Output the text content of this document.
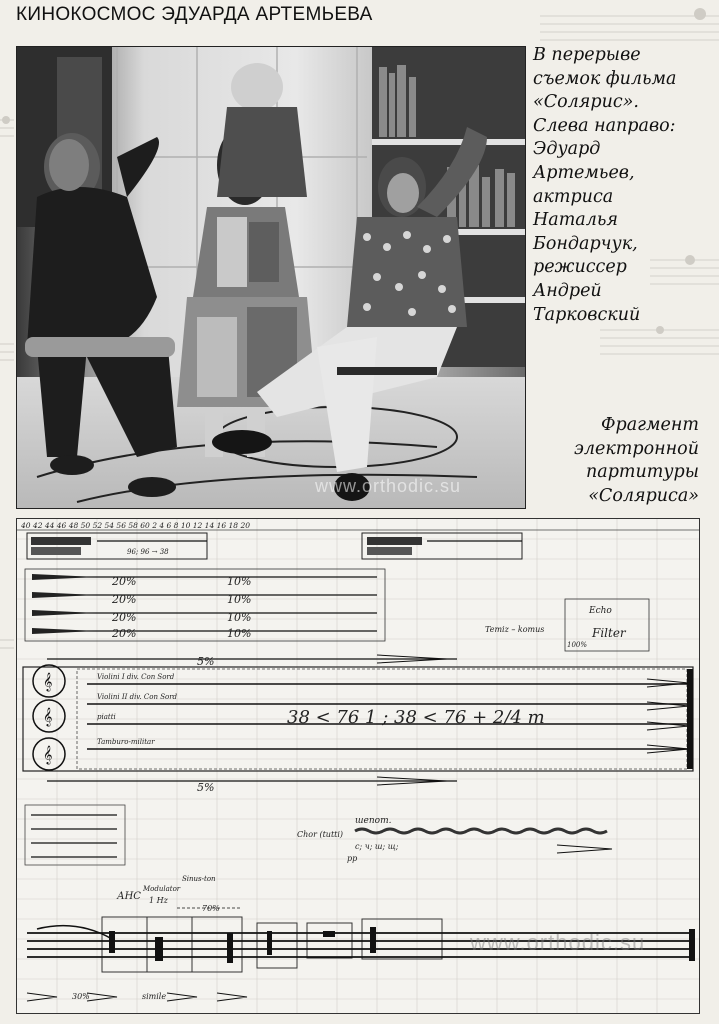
КИНОКОСМОС ЭДУАРДА АРТЕМЬЕВА
www.orthodic.su
В перерыве
съемок фильма
«Солярис».
Слева направо:
Эдуард
Артемьев,
актриса
Наталья
Бондарчук,
режиссер
Андрей
Тарковский
Фрагмент
электронной
партитуры
«Соляриса»
40 42 44 46 48 50 52 54 56 58 60 2 4 6 8 10 12 14 16 18 20
96; 96 → 38
20%
20%
20%
20%
10%
10%
10%
10%
Echo
Filter
100%
Temiz – komus
5%
𝄞
𝄞
𝄞
Violini I div. Con Sord
Violini II div. Con Sord
piatti
Tamburo-militar
38 < 76 1 ; 38 < 76 + 2/4 т
5%
шепот.
Chor (tutti)
с; ч; ш; щ;
pp
АНС
Modulator
1 Hz
Sinus-ton
70%
30%	simile
www.orthodic.su
